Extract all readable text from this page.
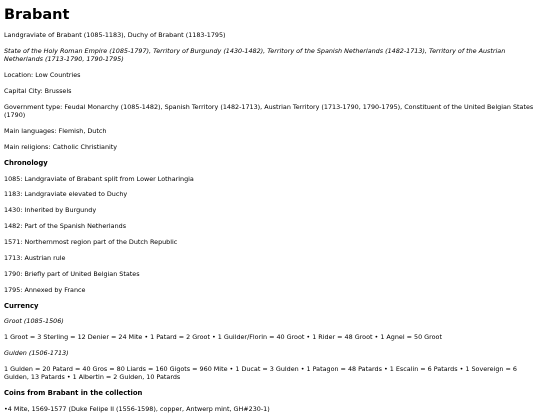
Brabant

Landgraviate of Brabant (1085-1183), Duchy of Brabant (1183-1795)

State of the Holy Roman Empire (1085-1797), Territory of Burgundy (1430-1482), Territory of the Spanish Netherlands (1482-1713), Territory of the Austrian Netherlands (1713-1790, 1790-1795)

Location: Low Countries

Capital City: Brussels

Government type: Feudal Monarchy (1085-1482), Spanish Territory (1482-1713), Austrian Territory (1713-1790, 1790-1795), Constituent of the United Belgian States (1790)

Main languages: Flemish, Dutch

Main religions: Catholic Christianity

Chronology

1085: Landgraviate of Brabant split from Lower Lotharingia

1183: Landgraviate elevated to Duchy

1430: Inherited by Burgundy

1482: Part of the Spanish Netherlands

1571: Northernmost region part of the Dutch Republic

1713: Austrian rule

1790: Briefly part of United Belgian States

1795: Annexed by France

Currency

Groot (1085-1506)

1 Groot = 3 Sterling = 12 Denier = 24 Mite • 1 Patard = 2 Groot • 1 Guilder/Florin = 40 Groot • 1 Rider = 48 Groot • 1 Agnel = 50 Groot

Gulden (1506-1713)

1 Gulden = 20 Patard = 40 Gros = 80 Liards = 160 Gigots = 960 Mite • 1 Ducat = 3 Gulden • 1 Patagon = 48 Patards • 1 Escalin = 6 Patards • 1 Sovereign = 6 Gulden, 13 Patards • 1 Albertin = 2 Gulden, 10 Patards

Coins from Brabant in the collection

•4 Mite, 1569-1577 (Duke Felipe II (1556-1598), copper, Antwerp mint, GH#230-1)
